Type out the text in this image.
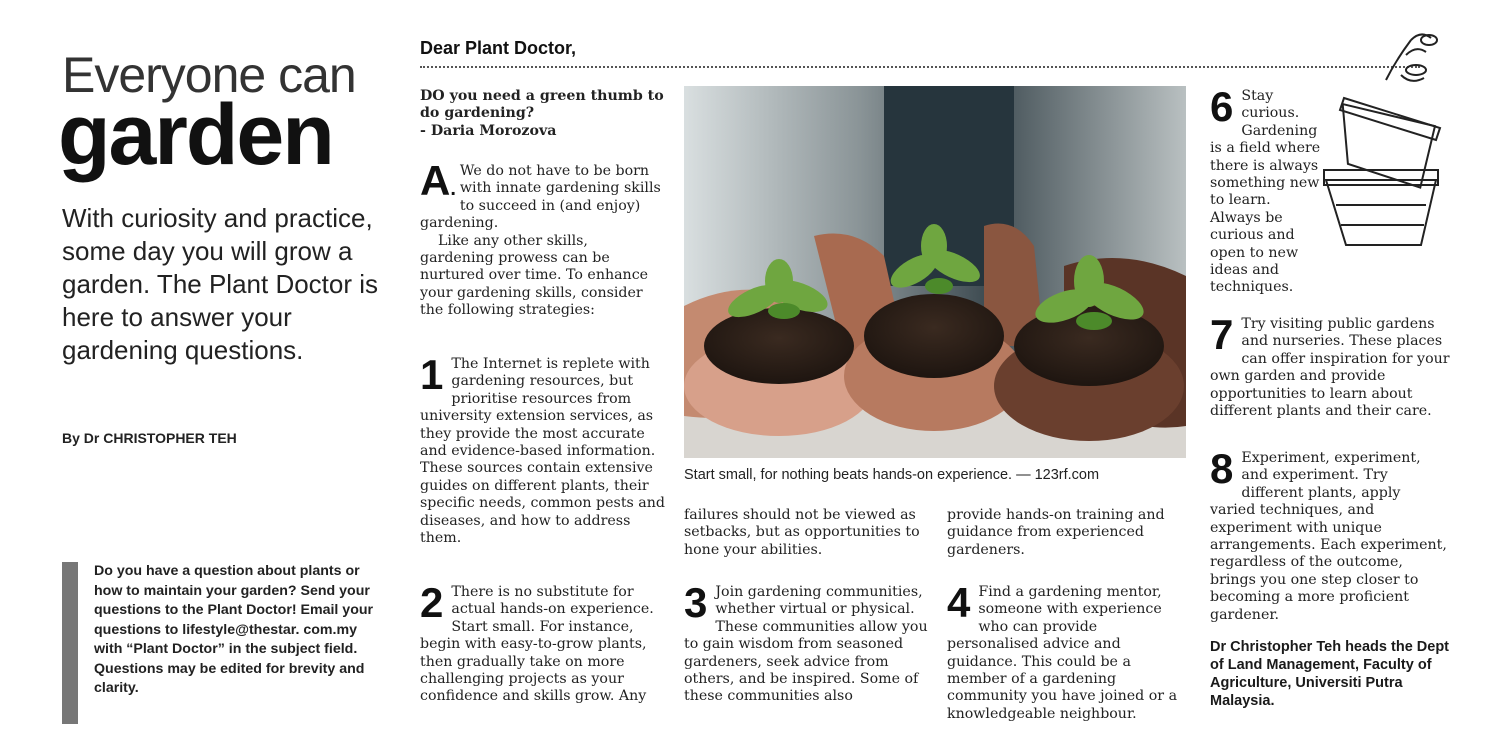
Everyone can
garden
With curiosity and practice, some day you will grow a garden. The Plant Doctor is here to answer your gardening questions.
By Dr CHRISTOPHER TEH
Do you have a question about plants or how to maintain your garden? Send your questions to the Plant Doctor! Email your questions to lifestyle@thestar. com.my with “Plant Doctor” in the subject field. Questions may be edited for brevity and clarity.
Dear Plant Doctor,
DO you need a green thumb to do gardening?
- Daria Morozova
A.
We do not have to be born with innate gardening skills to succeed in (and enjoy) gardening.
Like any other skills, gardening prowess can be nurtured over time. To enhance your gardening skills, consider the following strategies:
1 The Internet is replete with gardening resources, but prioritise resources from university extension services, as they provide the most accurate and evidence-based information. These sources contain extensive guides on different plants, their specific needs, common pests and diseases, and how to address them.
2 There is no substitute for actual hands-on experience. Start small. For instance, begin with easy-to-grow plants, then gradually take on more challenging projects as your confidence and skills grow. Any
Start small, for nothing beats hands-on experience. — 123rf.com
failures should not be viewed as setbacks, but as opportunities to hone your abilities.
3 Join gardening communities, whether virtual or physical. These communities allow you to gain wisdom from seasoned gardeners, seek advice from others, and be inspired. Some of these communities also
provide hands-on training and guidance from experienced gardeners.
4 Find a gardening mentor, someone with experience who can provide personalised advice and guidance. This could be a member of a gardening community you have joined or a knowledgeable neighbour.
6 Stay curious. Gardening is a field where there is always something new to learn. Always be curious and open to new ideas and techniques.
7 Try visiting public gardens and nurseries. These places can offer inspiration for your own garden and provide opportunities to learn about different plants and their care.
8 Experiment, experiment, and experiment. Try different plants, apply varied techniques, and experiment with unique arrangements. Each experiment, regardless of the outcome, brings you one step closer to becoming a more proficient gardener.
Dr Christopher Teh heads the Dept of Land Management, Faculty of Agriculture, Universiti Putra Malaysia.
